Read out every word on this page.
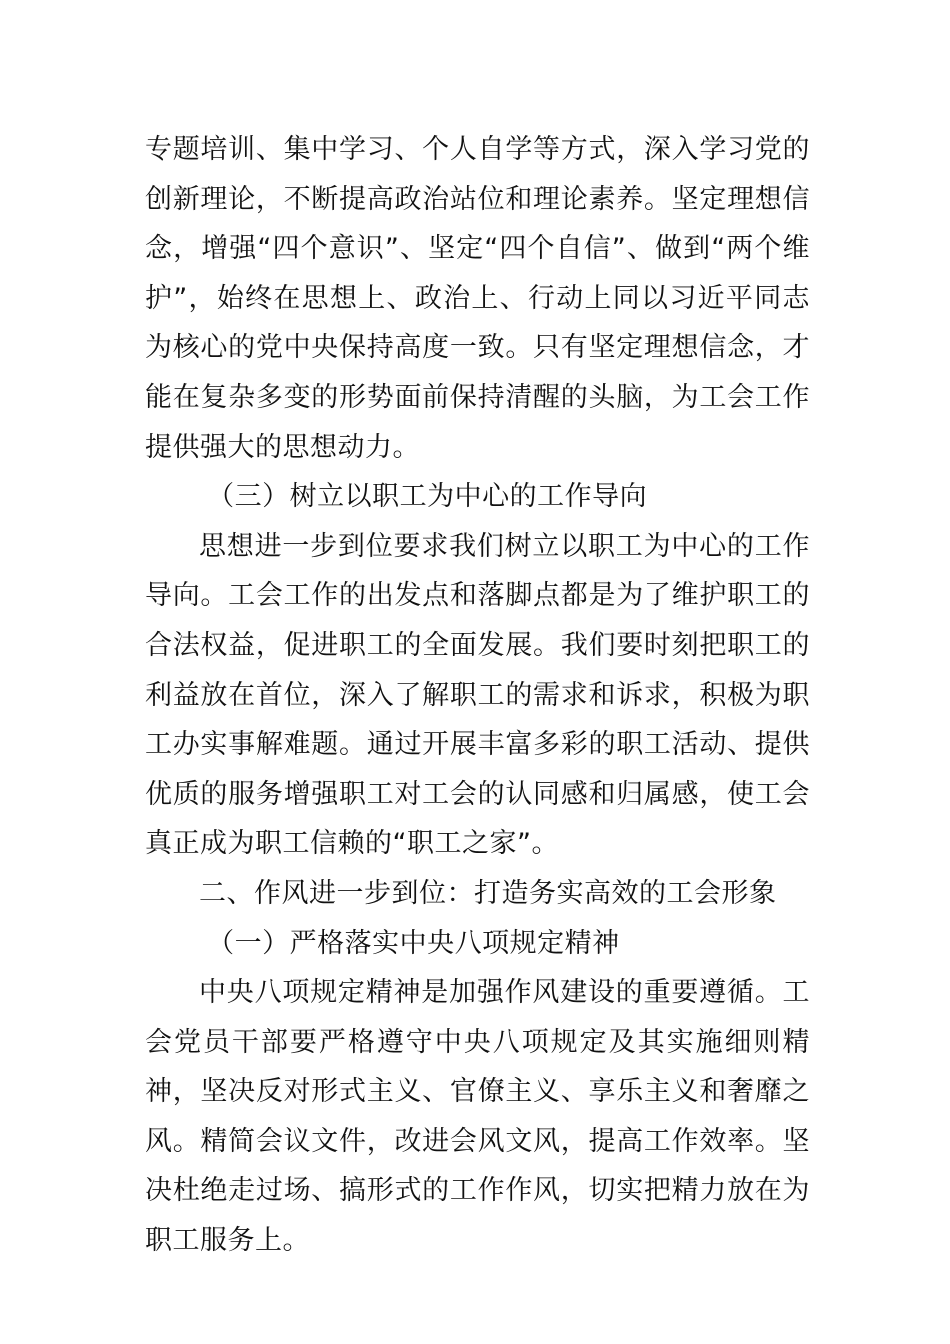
专题培训、集中学习、个人自学等方式，深入学习党的创新理论，不断提高政治站位和理论素养。坚定理想信念，增强“四个意识”、坚定“四个自信”、做到“两个维护”，始终在思想上、政治上、行动上同以习近平同志为核心的党中央保持高度一致。只有坚定理想信念，才能在复杂多变的形势面前保持清醒的头脑，为工会工作提供强大的思想动力。

（三）树立以职工为中心的工作导向

思想进一步到位要求我们树立以职工为中心的工作导向。工会工作的出发点和落脚点都是为了维护职工的合法权益，促进职工的全面发展。我们要时刻把职工的利益放在首位，深入了解职工的需求和诉求，积极为职工办实事解难题。通过开展丰富多彩的职工活动、提供优质的服务增强职工对工会的认同感和归属感，使工会真正成为职工信赖的“职工之家”。

二、作风进一步到位：打造务实高效的工会形象

（一）严格落实中央八项规定精神

中央八项规定精神是加强作风建设的重要遵循。工会党员干部要严格遵守中央八项规定及其实施细则精神，坚决反对形式主义、官僚主义、享乐主义和奢靡之风。精简会议文件，改进会风文风，提高工作效率。坚决杜绝走过场、搞形式的工作作风，切实把精力放在为职工服务上。
